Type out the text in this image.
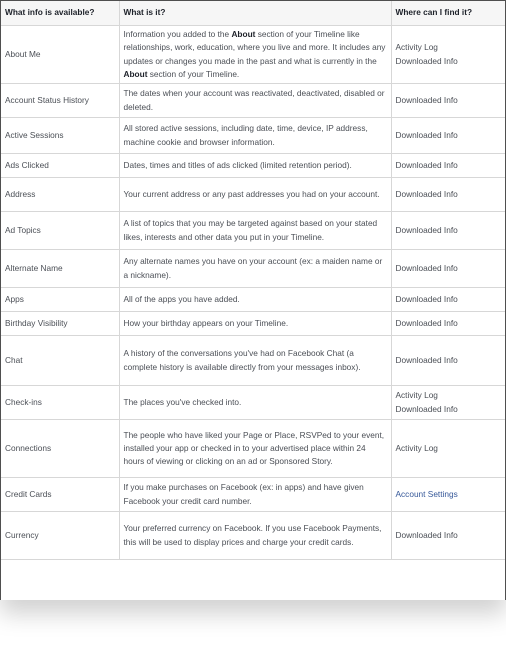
What info is available?	What is it?	Where can I find it?
About Me	Information you added to the About section of your Timeline like relationships, work, education, where you live and more. It includes any updates or changes you made in the past and what is currently in the About section of your Timeline.	Activity Log
Downloaded Info

Account Status History	The dates when your account was reactivated, deactivated, disabled or deleted.	Downloaded Info

Active Sessions	All stored active sessions, including date, time, device, IP address, machine cookie and browser information.	Downloaded Info

Ads Clicked	Dates, times and titles of ads clicked (limited retention period).	Downloaded Info

Address	Your current address or any past addresses you had on your account.	Downloaded Info

Ad Topics	A list of topics that you may be targeted against based on your stated likes, interests and other data you put in your Timeline.	Downloaded Info

Alternate Name	Any alternate names you have on your account (ex: a maiden name or a nickname).	Downloaded Info

Apps	All of the apps you have added.	Downloaded Info

Birthday Visibility	How your birthday appears on your Timeline.	Downloaded Info

Chat	A history of the conversations you've had on Facebook Chat (a complete history is available directly from your messages inbox).	Downloaded Info

Check-ins	The places you've checked into.	Activity Log
Downloaded Info

Connections	The people who have liked your Page or Place, RSVPed to your event, installed your app or checked in to your advertised place within 24 hours of viewing or clicking on an ad or Sponsored Story.	Activity Log

Credit Cards	If you make purchases on Facebook (ex: in apps) and have given Facebook your credit card number.	Account Settings

Currency	Your preferred currency on Facebook. If you use Facebook Payments, this will be used to display prices and charge your credit cards.	Downloaded Info
